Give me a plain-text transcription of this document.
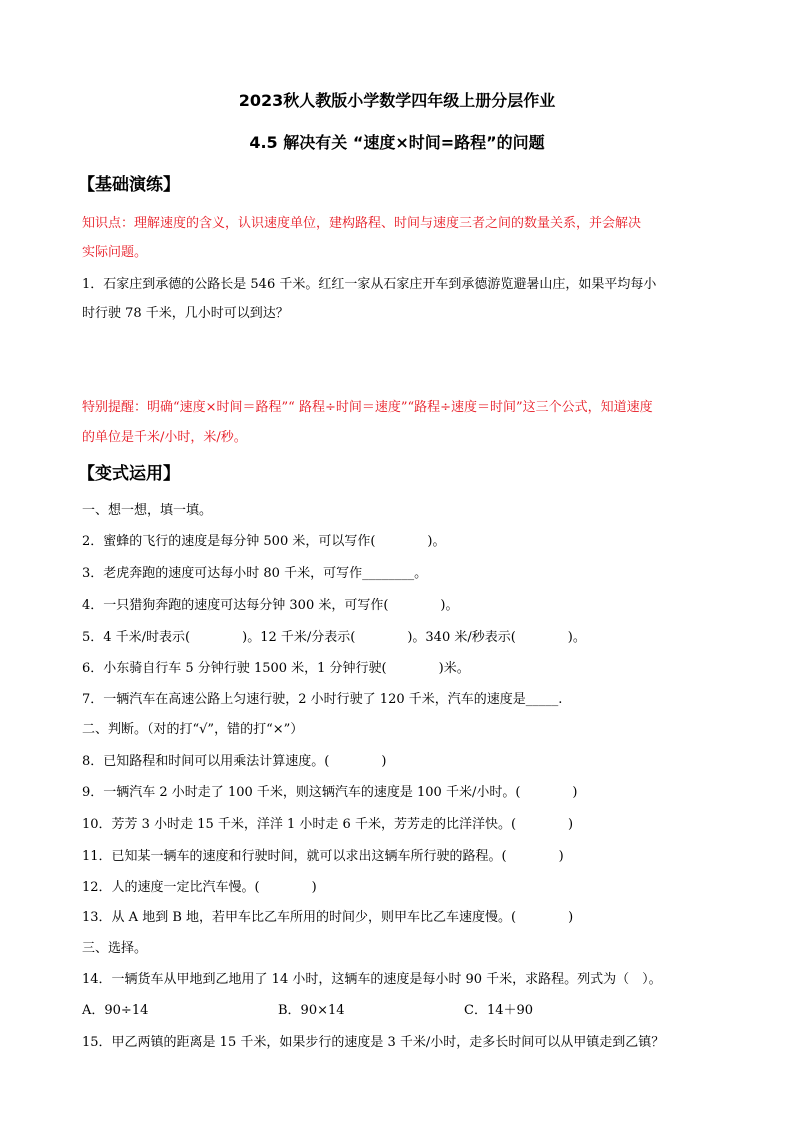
2023秋人教版小学数学四年级上册分层作业
4.5 解决有关 “速度×时间=路程”的问题
【基础演练】
知识点：理解速度的含义，认识速度单位，建构路程、时间与速度三者之间的数量关系，并会解决
实际问题。
1．石家庄到承德的公路长是 546 千米。红红一家从石家庄开车到承德游览避暑山庄，如果平均每小
时行驶 78 千米，几小时可以到达？
特别提醒：明确“速度×时间＝路程”“ 路程÷时间＝速度”“路程÷速度＝时间”这三个公式，知道速度
的单位是千米/小时，米/秒。
【变式运用】
一、想一想，填一填。
2．蜜蜂的飞行的速度是每分钟 500 米，可以写作(　　　　)。
3．老虎奔跑的速度可达每小时 80 千米，可写作________。
4．一只猎狗奔跑的速度可达每分钟 300 米，可写作(　　　　)。
5．4 千米/时表示(　　　　)。12 千米/分表示(　　　　)。340 米/秒表示(　　　　)。
6．小东骑自行车 5 分钟行驶 1500 米，1 分钟行驶(　　　　)米。
7．一辆汽车在高速公路上匀速行驶，2 小时行驶了 120 千米，汽车的速度是_____.
二、判断。（对的打“√”，错的打“×”）
8．已知路程和时间可以用乘法计算速度。(　　　　)
9．一辆汽车 2 小时走了 100 千米，则这辆汽车的速度是 100 千米/小时。(　　　　)
10．芳芳 3 小时走 15 千米，洋洋 1 小时走 6 千米，芳芳走的比洋洋快。(　　　　)
11．已知某一辆车的速度和行驶时间，就可以求出这辆车所行驶的路程。(　　　　)
12．人的速度一定比汽车慢。(　　　　)
13．从 A 地到 B 地，若甲车比乙车所用的时间少，则甲车比乙车速度慢。(　　　　)
三、选择。
14．一辆货车从甲地到乙地用了 14 小时，这辆车的速度是每小时 90 千米，求路程。列式为（　）。
A．90÷14	B．90×14	C．14＋90
15．甲乙两镇的距离是 15 千米，如果步行的速度是 3 千米/小时，走多长时间可以从甲镇走到乙镇？
